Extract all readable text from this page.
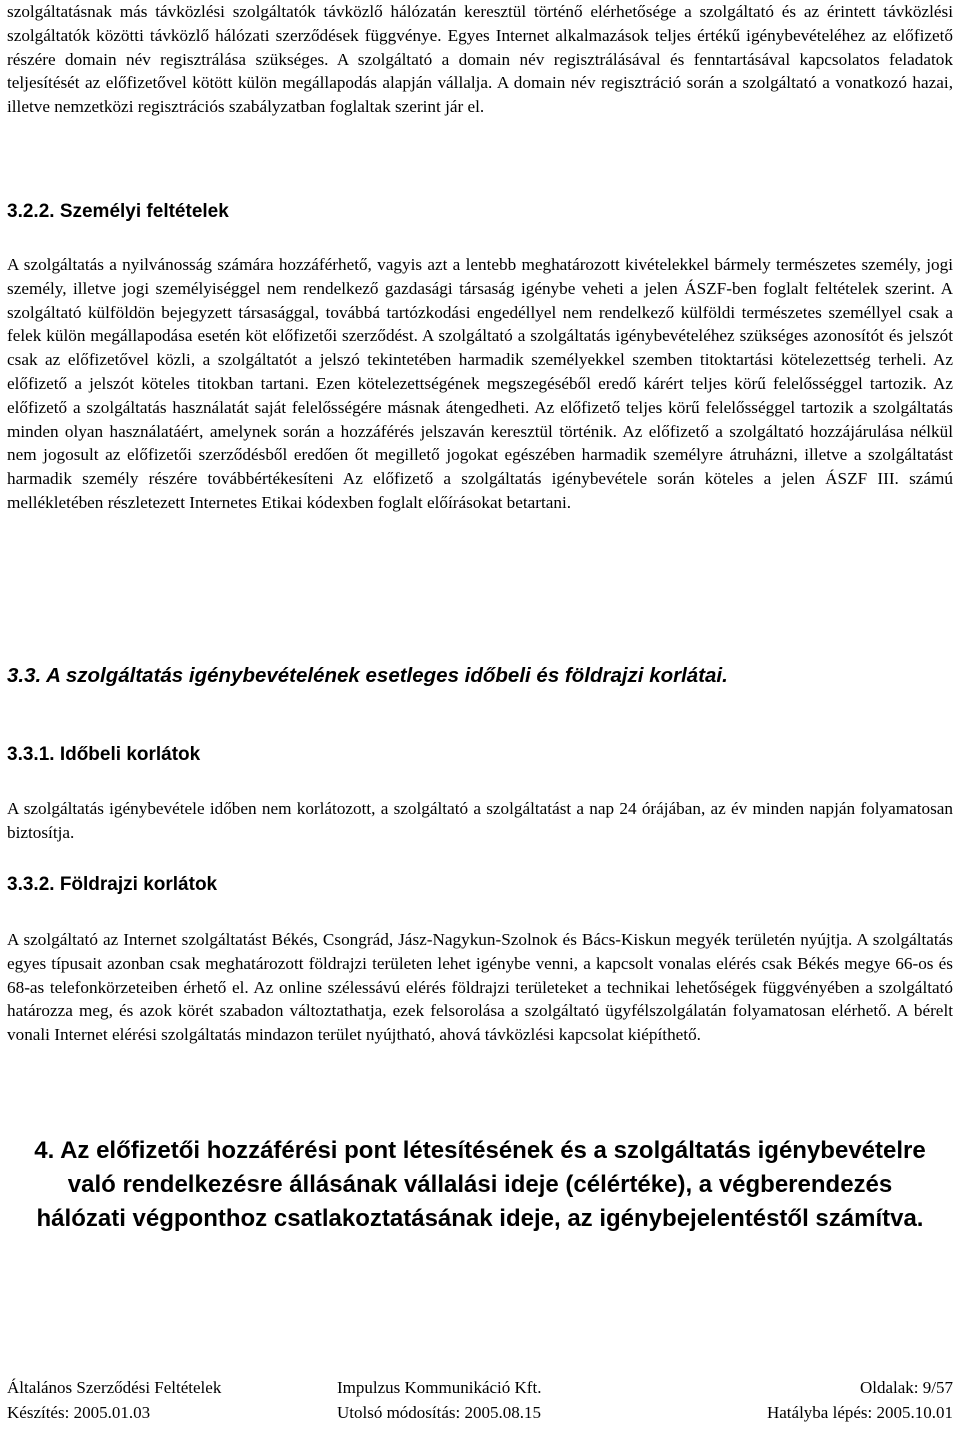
szolgáltatásnak más távközlési szolgáltatók távközlő hálózatán keresztül történő elérhetősége a szolgáltató és az érintett távközlési szolgáltatók közötti távközlő hálózati szerződések függvénye. Egyes Internet alkalmazások teljes értékű igénybevételéhez az előfizető részére domain név regisztrálása szükséges. A szolgáltató a domain név regisztrálásával és fenntartásával kapcsolatos feladatok teljesítését az előfizetővel kötött külön megállapodás alapján vállalja. A domain név regisztráció során a szolgáltató a vonatkozó hazai, illetve nemzetközi regisztrációs szabályzatban foglaltak szerint jár el.

3.2.2. Személyi feltételek

A szolgáltatás a nyilvánosság számára hozzáférhető, vagyis azt a lentebb meghatározott kivételekkel bármely természetes személy, jogi személy, illetve jogi személyiséggel nem rendelkező gazdasági társaság igénybe veheti a jelen ÁSZF-ben foglalt feltételek szerint. A szolgáltató külföldön bejegyzett társasággal, továbbá tartózkodási engedéllyel nem rendelkező külföldi természetes személlyel csak a felek külön megállapodása esetén köt előfizetői szerződést. A szolgáltató a szolgáltatás igénybevételéhez szükséges azonosítót és jelszót csak az előfizetővel közli, a szolgáltatót a jelszó tekintetében harmadik személyekkel szemben titoktartási kötelezettség terheli. Az előfizető a jelszót köteles titokban tartani. Ezen kötelezettségének megszegéséből eredő kárért teljes körű felelősséggel tartozik. Az előfizető a szolgáltatás használatát saját felelősségére másnak átengedheti. Az előfizető teljes körű felelősséggel tartozik a szolgáltatás minden olyan használatáért, amelynek során a hozzáférés jelszaván keresztül történik. Az előfizető a szolgáltató hozzájárulása nélkül nem jogosult az előfizetői szerződésből eredően őt megillető jogokat egészében harmadik személyre átruházni, illetve a szolgáltatást harmadik személy részére továbbértékesíteni Az előfizető a szolgáltatás igénybevétele során köteles a jelen ÁSZF III. számú mellékletében részletezett Internetes Etikai kódexben foglalt előírásokat betartani.

3.3. A szolgáltatás igénybevételének esetleges időbeli és földrajzi korlátai.
3.3.1. Időbeli korlátok

A szolgáltatás igénybevétele időben nem korlátozott, a szolgáltató a szolgáltatást a nap 24 órájában, az év minden napján folyamatosan biztosítja.

3.3.2. Földrajzi korlátok

A szolgáltató az Internet szolgáltatást Békés, Csongrád, Jász-Nagykun-Szolnok és Bács-Kiskun megyék területén nyújtja. A szolgáltatás egyes típusait azonban csak meghatározott földrajzi területen lehet igénybe venni, a kapcsolt vonalas elérés csak Békés megye 66-os és 68-as telefonkörzeteiben érhető el. Az online szélessávú elérés földrajzi területeket a technikai lehetőségek függvényében a szolgáltató határozza meg, és azok körét szabadon változtathatja, ezek felsorolása a szolgáltató ügyfélszolgálatán folyamatosan elérhető. A bérelt vonali Internet elérési szolgáltatás mindazon terület nyújtható, ahová távközlési kapcsolat kiépíthető.

4. Az előfizetői hozzáférési pont létesítésének és a szolgáltatás igénybevételre való rendelkezésre állásának vállalási ideje (célértéke), a végberendezés hálózati végponthoz csatlakoztatásának ideje, az igénybejelentéstől számítva.
Általános Szerződési Feltételek	Impulzus Kommunikáció Kft.	Oldalak: 9/57
Készítés: 2005.01.03	Utolsó módosítás: 2005.08.15	Hatályba lépés: 2005.10.01
